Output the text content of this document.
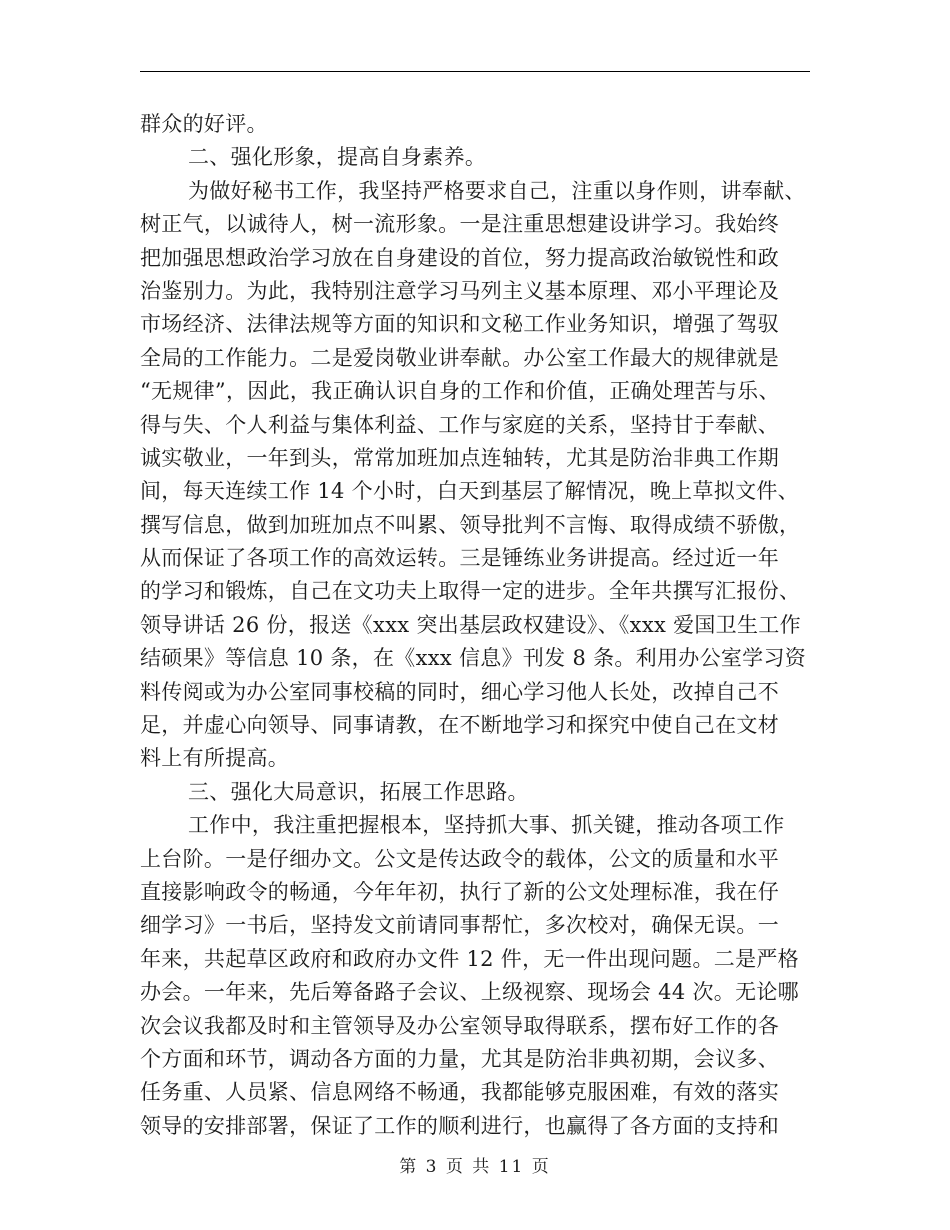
群众的好评。
二、强化形象，提高自身素养。
为做好秘书工作，我坚持严格要求自己，注重以身作则，讲奉献、
树正气，以诚待人，树一流形象。一是注重思想建设讲学习。我始终
把加强思想政治学习放在自身建设的首位，努力提高政治敏锐性和政
治鉴别力。为此，我特别注意学习马列主义基本原理、邓小平理论及
市场经济、法律法规等方面的知识和文秘工作业务知识，增强了驾驭
全局的工作能力。二是爱岗敬业讲奉献。办公室工作最大的规律就是
“无规律”，因此，我正确认识自身的工作和价值，正确处理苦与乐、
得与失、个人利益与集体利益、工作与家庭的关系，坚持甘于奉献、
诚实敬业，一年到头，常常加班加点连轴转，尤其是防治非典工作期
间，每天连续工作 14 个小时，白天到基层了解情况，晚上草拟文件、
撰写信息，做到加班加点不叫累、领导批判不言悔、取得成绩不骄傲，
从而保证了各项工作的高效运转。三是锤练业务讲提高。经过近一年
的学习和锻炼，自己在文功夫上取得一定的进步。全年共撰写汇报份、
领导讲话 26 份，报送《xxx 突出基层政权建设》、《xxx 爱国卫生工作
结硕果》等信息 10 条，在《xxx 信息》刊发 8 条。利用办公室学习资
料传阅或为办公室同事校稿的同时，细心学习他人长处，改掉自己不
足，并虚心向领导、同事请教，在不断地学习和探究中使自己在文材
料上有所提高。
三、强化大局意识，拓展工作思路。
工作中，我注重把握根本，坚持抓大事、抓关键，推动各项工作
上台阶。一是仔细办文。公文是传达政令的载体，公文的质量和水平
直接影响政令的畅通，今年年初，执行了新的公文处理标准，我在仔
细学习》一书后，坚持发文前请同事帮忙，多次校对，确保无误。一
年来，共起草区政府和政府办文件 12 件，无一件出现问题。二是严格
办会。一年来，先后筹备路子会议、上级视察、现场会 44 次。无论哪
次会议我都及时和主管领导及办公室领导取得联系，摆布好工作的各
个方面和环节，调动各方面的力量，尤其是防治非典初期，会议多、
任务重、人员紧、信息网络不畅通，我都能够克服困难，有效的落实
领导的安排部署，保证了工作的顺利进行，也赢得了各方面的支持和
第 3 页 共 11 页
